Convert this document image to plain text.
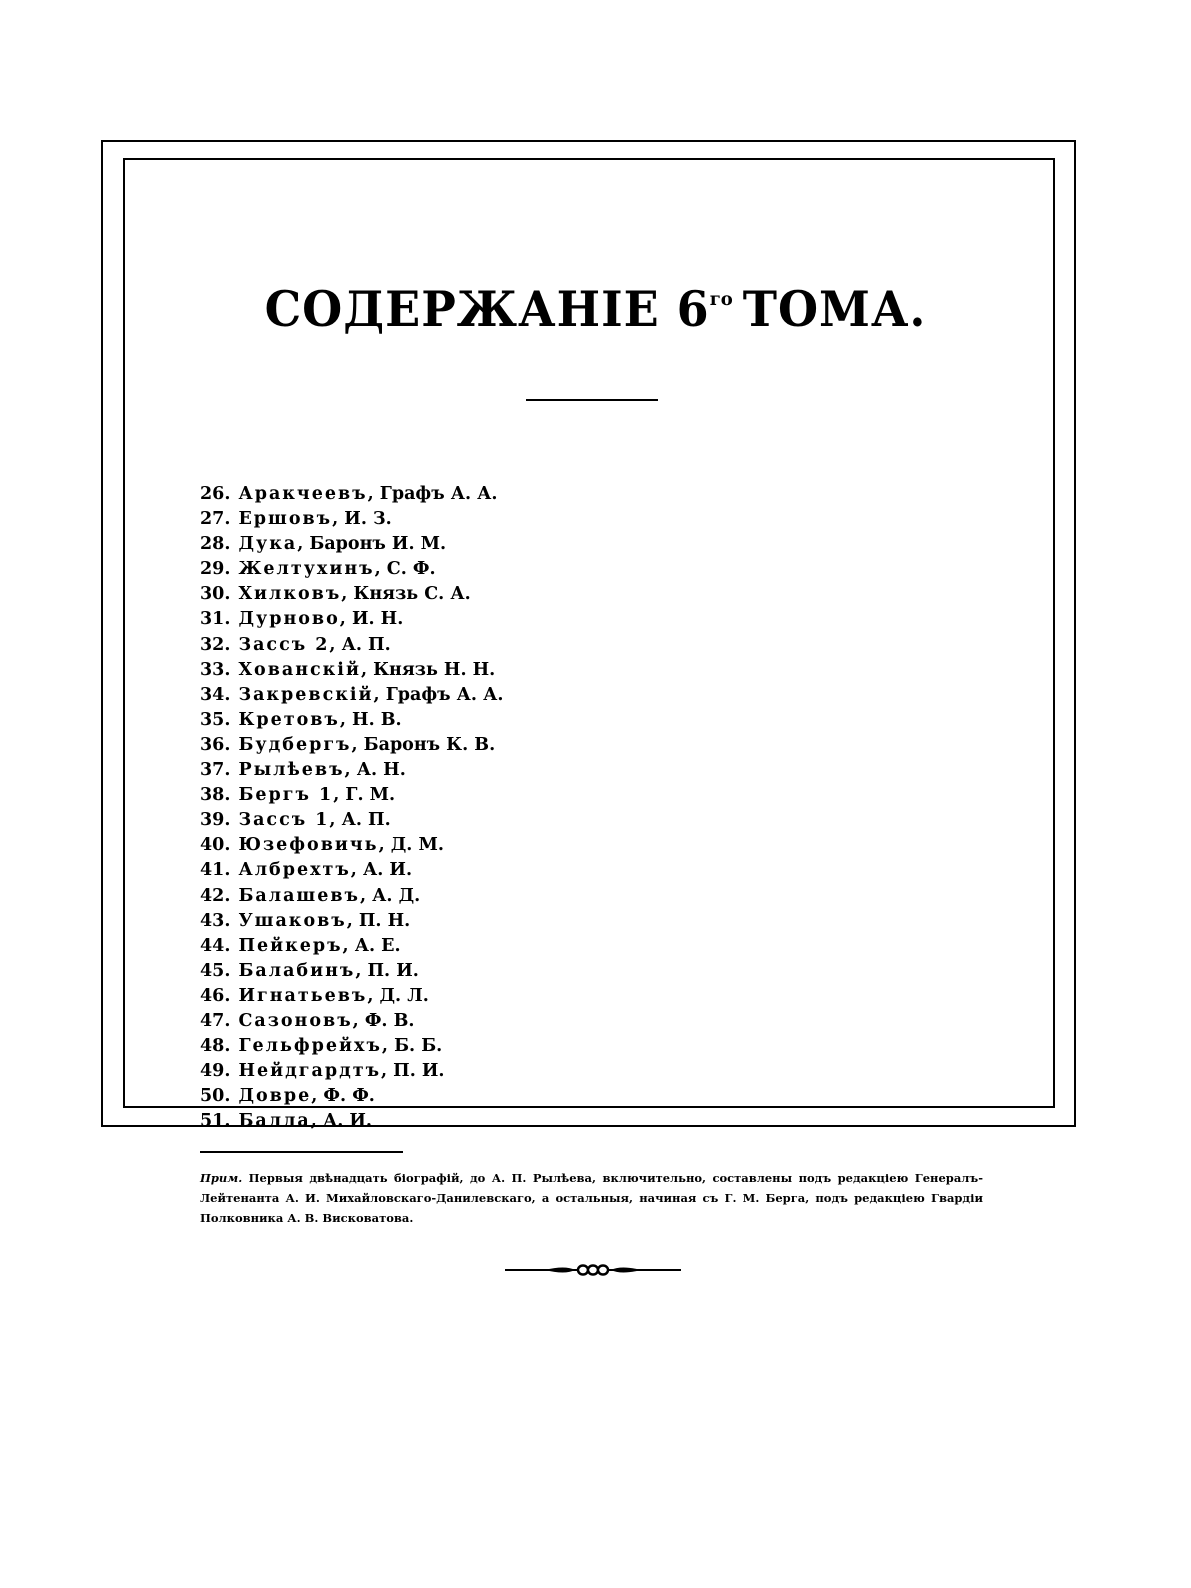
СОДЕРЖАНІЕ $6^{го}$ ТОМА.
26. Аракчеевъ, Графъ А. А.
27. Ершовъ, И. З.
28. Дука, Баронъ И. М.
29. Желтухинъ, С. Ф.
30. Хилковъ, Князь С. А.
31. Дурново, И. Н.
32. Зассъ 2, А. П.
33. Хованскій, Князь Н. Н.
34. Закревскій, Графъ А. А.
35. Кретовъ, Н. В.
36. Будбергъ, Баронъ К. В.
37. Рылѣевъ, А. Н.
38. Бергъ 1, Г. М.
39. Зассъ 1, А. П.
40. Юзефовичь, Д. М.
41. Албрехтъ, А. И.
42. Балашевъ, А. Д.
43. Ушаковъ, П. Н.
44. Пейкеръ, А. Е.
45. Балабинъ, П. И.
46. Игнатьевъ, Д. Л.
47. Сазоновъ, Ф. В.
48. Гельфрейхъ, Б. Б.
49. Нейдгардтъ, П. И.
50. Довре, Ф. Ф.
51. Балла, А. И.
Прим. Первыя двѣнадцать біографій, до А. П. Рылѣева, включительно, составлены подъ редакціею Генералъ-Лейтенанта А. И. Михайловскаго-Данилевскаго, а остальныя, начиная съ Г. М. Берга, подъ редакціею Гвардіи Полковника А. В. Висковатова.
